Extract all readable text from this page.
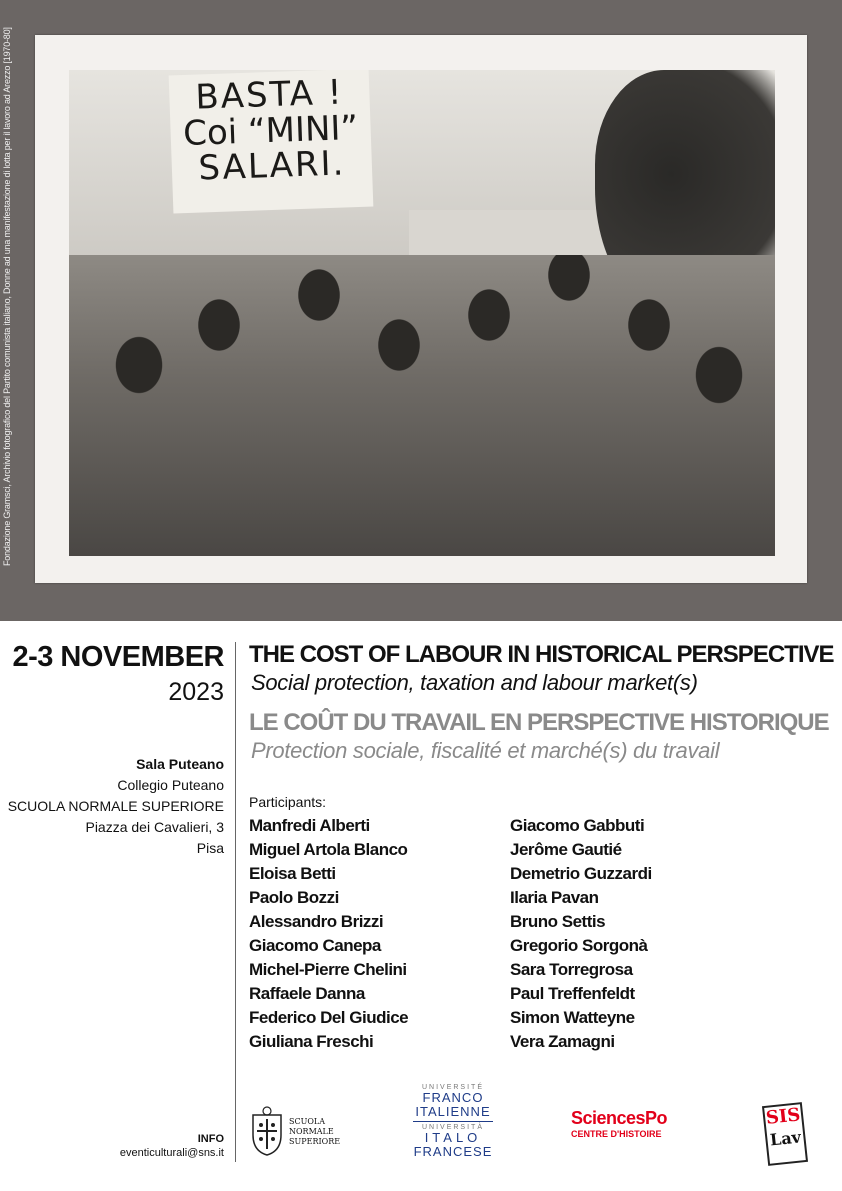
BASTA !
Coi “MINI”
SALARI.
Fondazione Gramsci, Archivio fotografico del Partito comunista italiano, Donne ad una manifestazione di lotta per il lavoro ad Arezzo [1970-80]
2-3 NOVEMBER
2023
Sala Puteano
Collegio Puteano
SCUOLA NORMALE SUPERIORE
Piazza dei Cavalieri, 3
Pisa
THE COST OF LABOUR IN HISTORICAL PERSPECTIVE
Social protection, taxation and labour market(s)
LE COÛT DU TRAVAIL EN PERSPECTIVE HISTORIQUE
Protection sociale, fiscalité et marché(s) du travail
Participants:
Manfredi Alberti
Miguel Artola Blanco
Eloisa Betti
Paolo Bozzi
Alessandro Brizzi
Giacomo Canepa
Michel-Pierre Chelini
Raffaele Danna
Federico Del Giudice
Giuliana Freschi
Giacomo Gabbuti
Jerôme Gautié
Demetrio Guzzardi
Ilaria Pavan
Bruno Settis
Gregorio Sorgonà
Sara Torregrosa
Paul Treffenfeldt
Simon Watteyne
Vera Zamagni
INFO
eventiculturali@sns.it
SCUOLA
NORMALE
SUPERIORE
UNIVERSITÉ
FRANCO
ITALIENNE
UNIVERSITÀ
ITALO
FRANCESE
SciencesPo
CENTRE D'HISTOIRE
SIS
Lav
